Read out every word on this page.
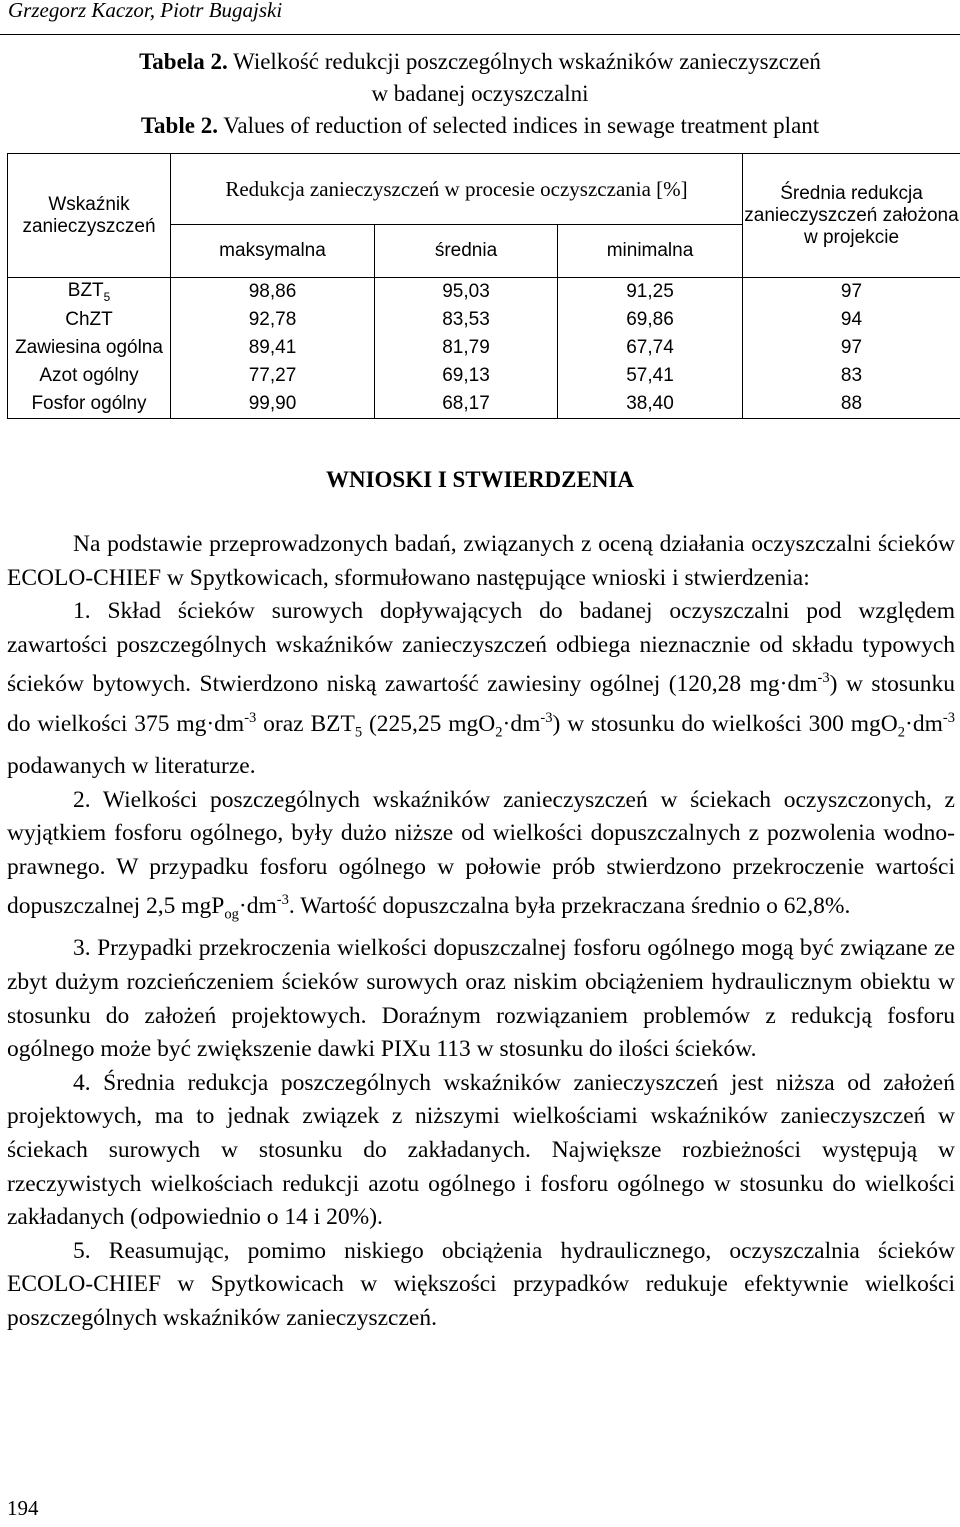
Grzegorz Kaczor, Piotr Bugajski
Tabela 2. Wielkość redukcji poszczególnych wskaźników zanieczyszczeń
w badanej oczyszczalni
Table 2. Values of reduction of selected indices in sewage treatment plant
Wskaźnik zanieczyszczeń	Redukcja zanieczyszczeń w procesie oczyszczania [%]			Średnia redukcja zanieczyszczeń założona w projekcie
	maksymalna	średnia	minimalna	
$BZT_5$	98,86	95,03	91,25	97
ChZT	92,78	83,53	69,86	94
Zawiesina ogólna	89,41	81,79	67,74	97
Azot ogólny	77,27	69,13	57,41	83
Fosfor ogólny	99,90	68,17	38,40	88
WNIOSKI I STWIERDZENIA

Na podstawie przeprowadzonych badań, związanych z oceną działania oczyszczalni ścieków ECOLO-CHIEF w Spytkowicach, sformułowano następujące wnioski i stwierdzenia:

1. Skład ścieków surowych dopływających do badanej oczyszczalni pod względem zawartości poszczególnych wskaźników zanieczyszczeń odbiega nieznacznie od składu typowych ścieków bytowych. Stwierdzono niską zawartość zawiesiny ogólnej (120,28 $mg\cdot dm^{-3}$) w stosunku do wielkości 375 $mg\cdot dm^{-3}$ oraz $BZT_5$ (225,25 $mgO_2\cdot dm^{-3}$) w stosunku do wielkości 300 $mgO_2\cdot dm^{-3}$ podawanych w literaturze.

2. Wielkości poszczególnych wskaźników zanieczyszczeń w ściekach oczyszczonych, z wyjątkiem fosforu ogólnego, były dużo niższe od wielkości dopuszczalnych z pozwolenia wodno-prawnego. W przypadku fosforu ogólnego w połowie prób stwierdzono przekroczenie wartości dopuszczalnej 2,5 $mgP_{og}\cdot dm^{-3}$. Wartość dopuszczalna była przekraczana średnio o 62,8%.

3. Przypadki przekroczenia wielkości dopuszczalnej fosforu ogólnego mogą być związane ze zbyt dużym rozcieńczeniem ścieków surowych oraz niskim obciążeniem hydraulicznym obiektu w stosunku do założeń projektowych. Doraźnym rozwiązaniem problemów z redukcją fosforu ogólnego może być zwiększenie dawki PIXu 113 w stosunku do ilości ścieków.

4. Średnia redukcja poszczególnych wskaźników zanieczyszczeń jest niższa od założeń projektowych, ma to jednak związek z niższymi wielkościami wskaźników zanieczyszczeń w ściekach surowych w stosunku do zakładanych. Największe rozbieżności występują w rzeczywistych wielkościach redukcji azotu ogólnego i fosforu ogólnego w stosunku do wielkości zakładanych (odpowiednio o 14 i 20%).

5. Reasumując, pomimo niskiego obciążenia hydraulicznego, oczyszczalnia ścieków ECOLO-CHIEF w Spytkowicach w większości przypadków redukuje efektywnie wielkości poszczególnych wskaźników zanieczyszczeń.

194
